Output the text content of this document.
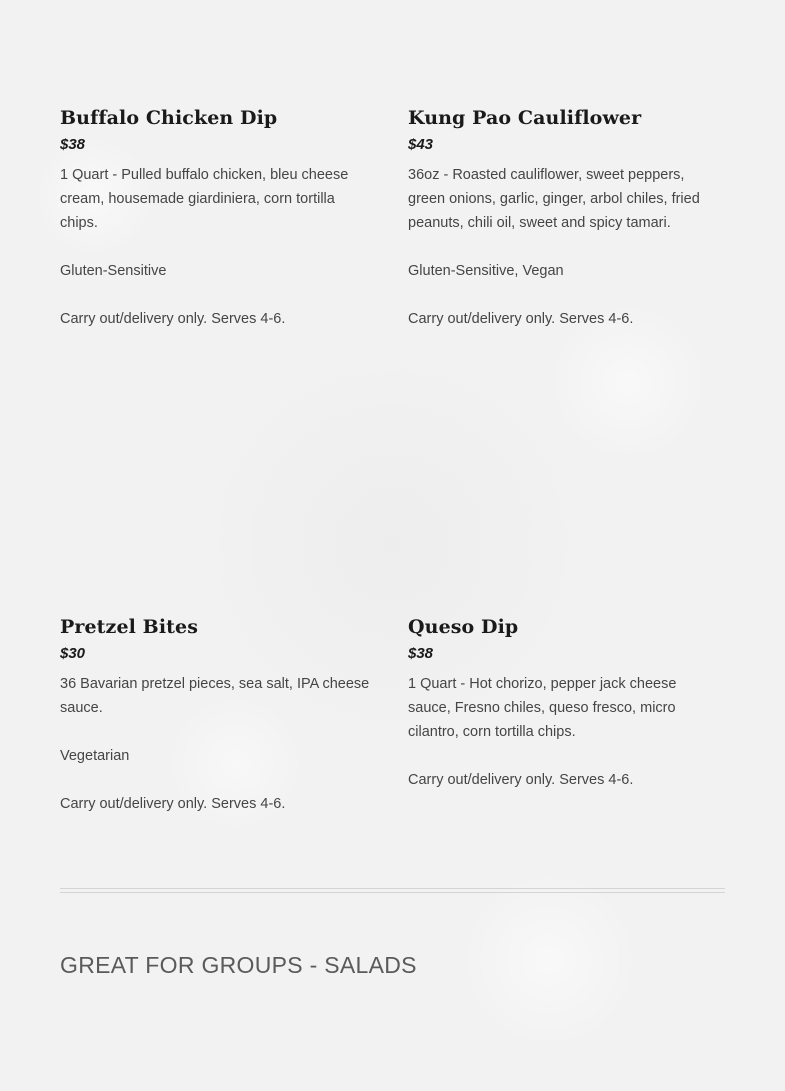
Buffalo Chicken Dip
$38
1 Quart - Pulled buffalo chicken, bleu cheese cream, housemade giardiniera, corn tortilla chips.
Gluten-Sensitive
Carry out/delivery only. Serves 4-6.
Kung Pao Cauliflower
$43
36oz - Roasted cauliflower, sweet peppers, green onions, garlic, ginger, arbol chiles, fried peanuts, chili oil, sweet and spicy tamari.
Gluten-Sensitive, Vegan
Carry out/delivery only. Serves 4-6.
Pretzel Bites
$30
36 Bavarian pretzel pieces, sea salt, IPA cheese sauce.
Vegetarian
Carry out/delivery only. Serves 4-6.
Queso Dip
$38
1 Quart - Hot chorizo, pepper jack cheese sauce, Fresno chiles, queso fresco, micro cilantro, corn tortilla chips.
Carry out/delivery only. Serves 4-6.
GREAT FOR GROUPS - SALADS
